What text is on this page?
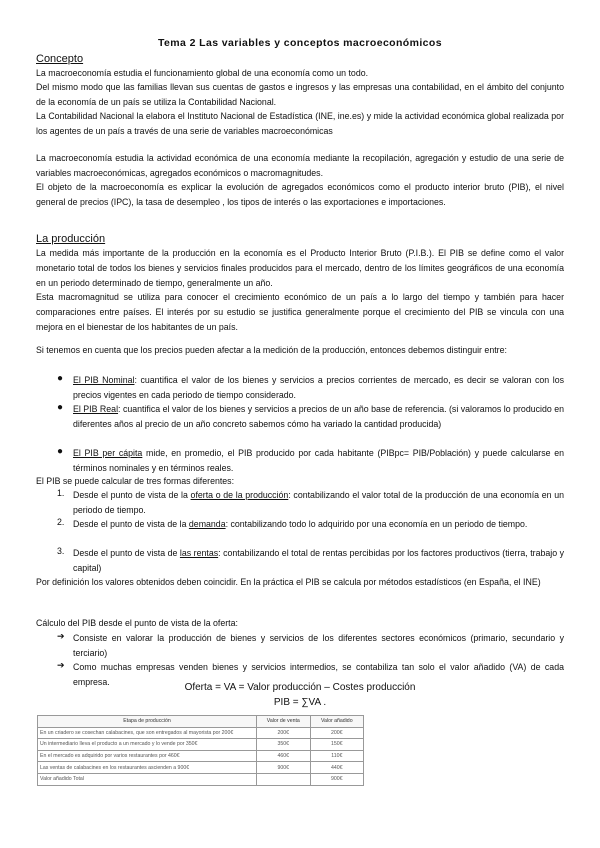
Tema 2 Las variables y conceptos macroeconómicos
Concepto
La macroeconomía estudia el funcionamiento global de una economía como un todo.
Del mismo modo que las familias llevan sus cuentas de gastos e ingresos y las empresas una contabilidad, en el ámbito del conjunto de la economía de un país se utiliza la Contabilidad Nacional.
La Contabilidad Nacional la elabora el Instituto Nacional de Estadística (INE, ine.es) y mide la actividad económica global realizada por los agentes de un país a través de una serie de variables macroeconómicas
La macroeconomía estudia la actividad económica de una economía mediante la recopilación, agregación y estudio de una serie de variables macroeconómicas, agregados económicos o macromagnitudes.
El objeto de la macroeconomía es explicar la evolución de agregados económicos como el producto interior bruto (PIB), el nivel general de precios (IPC), la tasa de desempleo , los tipos de interés o las exportaciones e importaciones.
La producción
La medida más importante de la producción en la economía es el Producto Interior Bruto (P.I.B.). El PIB se define como el valor monetario total de todos los bienes y servicios finales producidos para el mercado, dentro de los límites geográficos de una economía en un periodo determinado de tiempo, generalmente un año.
Esta macromagnitud se utiliza para conocer el crecimiento económico de un país a lo largo del tiempo y también para hacer comparaciones entre países. El interés por su estudio se justifica generalmente porque el crecimiento del PIB se vincula con una mejora en el bienestar de los habitantes de un país.
Si tenemos en cuenta que los precios pueden afectar a la medición de la producción, entonces debemos distinguir entre:
● El PIB Nominal: cuantifica el valor de los bienes y servicios a precios corrientes de mercado, es decir se valoran con los precios vigentes en cada periodo de tiempo considerado.
● El PIB Real: cuantifica el valor de los bienes y servicios a precios de un año base de referencia. (si valoramos lo producido en diferentes años al precio de un año concreto sabemos cómo ha variado la cantidad producida)
● El PIB per cápita mide, en promedio, el PIB producido por cada habitante (PIBpc= PIB/Población) y puede calcularse en términos nominales y en términos reales.
El PIB se puede calcular de tres formas diferentes:
1. Desde el punto de vista de la oferta o de la producción: contabilizando el valor total de la producción de una economía en un periodo de tiempo.
2. Desde el punto de vista de la demanda: contabilizando todo lo adquirido por una economía en un periodo de tiempo.
3. Desde el punto de vista de las rentas: contabilizando el total de rentas percibidas por los factores productivos (tierra, trabajo y capital)
Por definición los valores obtenidos deben coincidir. En la práctica el PIB se calcula por métodos estadísticos (en España, el INE)
Cálculo del PIB desde el punto de vista de la oferta:
➔ Consiste en valorar la producción de bienes y servicios de los diferentes sectores económicos (primario, secundario y terciario)
➔ Como muchas empresas venden bienes y servicios intermedios, se contabiliza tan solo el valor añadido (VA) de cada empresa.
Oferta = VA = Valor producción – Costes producción
PIB = ∑VA .
Etapa de producción	Valor de venta	Valor añadido
En un criadero se cosechan calabacines, que son entregados al mayorista por 200€	200€	200€
Un intermediario lleva el producto a un mercado y lo vende por 350€	350€	150€
En el mercado es adquirido por varios restaurantes por 460€	460€	110€
Las ventas de calabacines en los restaurantes ascienden a 900€	900€	440€
Valor añadido Total		900€
